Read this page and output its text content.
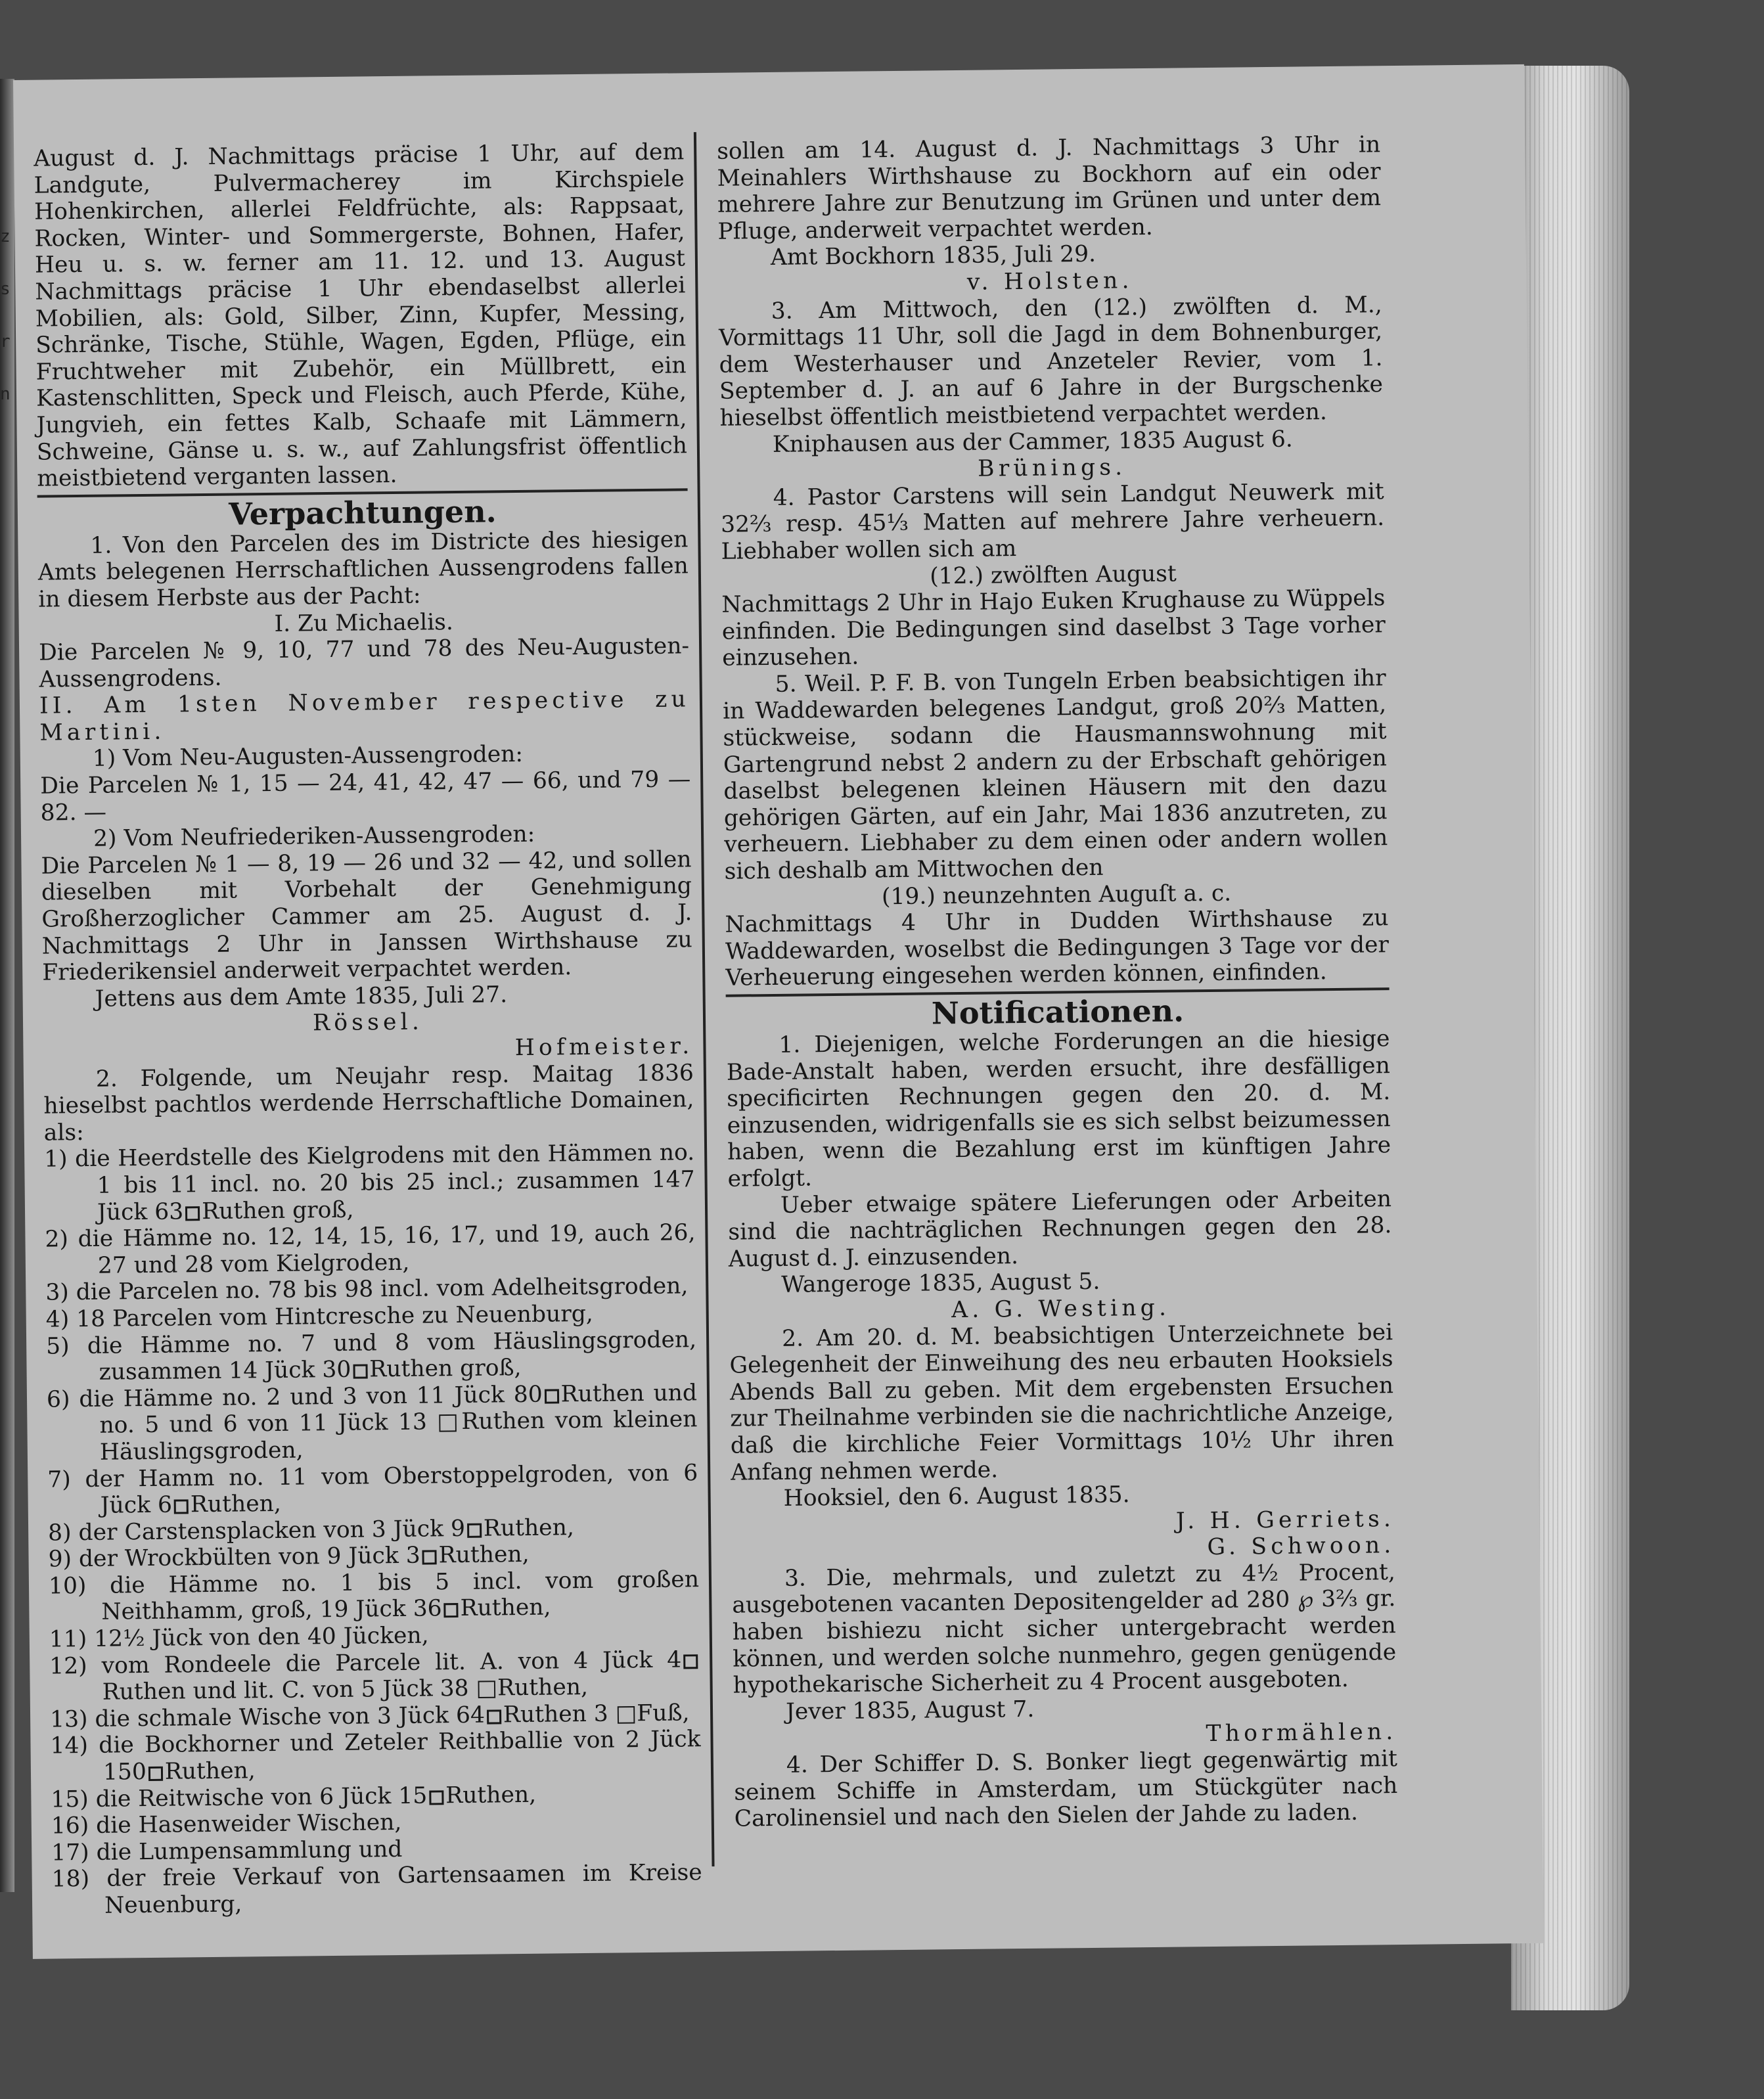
August d. J. Nachmittags präcise 1 Uhr, auf dem Landgute, Pulvermacherey im Kirchspiele Hohenkirchen, allerlei Feldfrüchte, als: Rappsaat, Rocken, Winter- und Sommergerste, Bohnen, Hafer, Heu u. s. w. ferner am 11. 12. und 13. August Nachmittags präcise 1 Uhr ebendaselbst allerlei Mobilien, als: Gold, Silber, Zinn, Kupfer, Messing, Schränke, Tische, Stühle, Wagen, Egden, Pflüge, ein Fruchtweher mit Zubehör, ein Müllbrett, ein Kastenschlitten, Speck und Fleisch, auch Pferde, Kühe, Jungvieh, ein fettes Kalb, Schaafe mit Lämmern, Schweine, Gänse u. s. w., auf Zahlungsfrist öffentlich meistbietend verganten lassen.

Verpachtungen.

1. Von den Parcelen des im Districte des hiesigen Amts belegenen Herrschaftlichen Aussengrodens fallen in diesem Herbste aus der Pacht:

I. Zu Michaelis.

Die Parcelen № 9, 10, 77 und 78 des Neu-Augusten-Aussengrodens.

II. Am 1sten November respective zu Martini.

1) Vom Neu-Augusten-Aussengroden:

Die Parcelen № 1, 15 — 24, 41, 42, 47 — 66, und 79 — 82. —

2) Vom Neufriederiken-Aussengroden:

Die Parcelen № 1 — 8, 19 — 26 und 32 — 42, und sollen dieselben mit Vorbehalt der Genehmigung Großherzoglicher Cammer am 25. August d. J. Nachmittags 2 Uhr in Janssen Wirthshause zu Friederikensiel anderweit verpachtet werden.

Jettens aus dem Amte 1835, Juli 27.

Rössel.

Hofmeister.

2. Folgende, um Neujahr resp. Maitag 1836 hieselbst pachtlos werdende Herrschaftliche Domainen, als:

1) die Heerdstelle des Kielgrodens mit den Hämmen no. 1 bis 11 incl. no. 20 bis 25 incl.; zusammen 147 Jück 63 Ruthen groß,

2) die Hämme no. 12, 14, 15, 16, 17, und 19, auch 26, 27 und 28 vom Kielgroden,

3) die Parcelen no. 78 bis 98 incl. vom Adelheitsgroden,

4) 18 Parcelen vom Hintcresche zu Neuenburg,

5) die Hämme no. 7 und 8 vom Häuslingsgroden, zusammen 14 Jück 30 Ruthen groß,

6) die Hämme no. 2 und 3 von 11 Jück 80 Ruthen und no. 5 und 6 von 11 Jück 13 □Ruthen vom kleinen Häuslingsgroden,

7) der Hamm no. 11 vom Oberstoppelgroden, von 6 Jück 6 Ruthen,

8) der Carstensplacken von 3 Jück 9 Ruthen,

9) der Wrockbülten von 9 Jück 3 Ruthen,

10) die Hämme no. 1 bis 5 incl. vom großen Neithhamm, groß, 19 Jück 36 Ruthen,

11) 12½ Jück von den 40 Jücken,

12) vom Rondeele die Parcele lit. A. von 4 Jück 4Ruthen und lit. C. von 5 Jück 38 □Ruthen,

13) die schmale Wische von 3 Jück 64 Ruthen 3 □Fuß,

14) die Bockhorner und Zeteler Reithballie von 2 Jück 150 Ruthen,

15) die Reitwische von 6 Jück 15 Ruthen,

16) die Hasenweider Wischen,

17) die Lumpensammlung und

18) der freie Verkauf von Gartensaamen im Kreise Neuenburg,

sollen am 14. August d. J. Nachmittags 3 Uhr in Meinahlers Wirthshause zu Bockhorn auf ein oder mehrere Jahre zur Benutzung im Grünen und unter dem Pfluge, anderweit verpachtet werden.

Amt Bockhorn 1835, Juli 29.

v. Holsten.

3. Am Mittwoch, den (12.) zwölften d. M., Vormittags 11 Uhr, soll die Jagd in dem Bohnenburger, dem Westerhauser und Anzeteler Revier, vom 1. September d. J. an auf 6 Jahre in der Burgschenke hieselbst öffentlich meistbietend verpachtet werden.

Kniphausen aus der Cammer, 1835 August 6.

Brünings.

4. Pastor Carstens will sein Landgut Neuwerk mit 32⅔ resp. 45⅓ Matten auf mehrere Jahre verheuern. Liebhaber wollen sich am

(12.) zwölften August

Nachmittags 2 Uhr in Hajo Euken Krughause zu Wüppels einfinden. Die Bedingungen sind daselbst 3 Tage vorher einzusehen.

5. Weil. P. F. B. von Tungeln Erben beabsichtigen ihr in Waddewarden belegenes Landgut, groß 20⅔ Matten, stückweise, sodann die Hausmannswohnung mit Gartengrund nebst 2 andern zu der Erbschaft gehörigen daselbst belegenen kleinen Häusern mit den dazu gehörigen Gärten, auf ein Jahr, Mai 1836 anzutreten, zu verheuern. Liebhaber zu dem einen oder andern wollen sich deshalb am Mittwochen den

(19.) neunzehnten Auguſt a. c.

Nachmittags 4 Uhr in Dudden Wirthshause zu Waddewarden, woselbst die Bedingungen 3 Tage vor der Verheuerung eingesehen werden können, einfinden.

Notificationen.

1. Diejenigen, welche Forderungen an die hiesige Bade-Anstalt haben, werden ersucht, ihre desfälligen specificirten Rechnungen gegen den 20. d. M. einzusenden, widrigenfalls sie es sich selbst beizumessen haben, wenn die Bezahlung erst im künftigen Jahre erfolgt.

Ueber etwaige spätere Lieferungen oder Arbeiten sind die nachträglichen Rechnungen gegen den 28. August d. J. einzusenden.

Wangeroge 1835, August 5.

A. G. Westing.

2. Am 20. d. M. beabsichtigen Unterzeichnete bei Gelegenheit der Einweihung des neu erbauten Hooksiels Abends Ball zu geben. Mit dem ergebensten Ersuchen zur Theilnahme verbinden sie die nachrichtliche Anzeige, daß die kirchliche Feier Vormittags 10½ Uhr ihren Anfang nehmen werde.

Hooksiel, den 6. August 1835.

J. H. Gerriets.

G. Schwoon.

3. Die, mehrmals, und zuletzt zu 4½ Procent, ausgebotenen vacanten Depositengelder ad 280 ℘ 3⅔ gr. haben bishiezu nicht sicher untergebracht werden können, und werden solche nunmehro, gegen genügende hypothekarische Sicherheit zu 4 Procent ausgeboten.

Jever 1835, August 7.

Thormählen.

4. Der Schiffer D. S. Bonker liegt gegenwärtig mit seinem Schiffe in Amsterdam, um Stückgüter nach Carolinensiel und nach den Sielen der Jahde zu laden.

z
s
r
n
